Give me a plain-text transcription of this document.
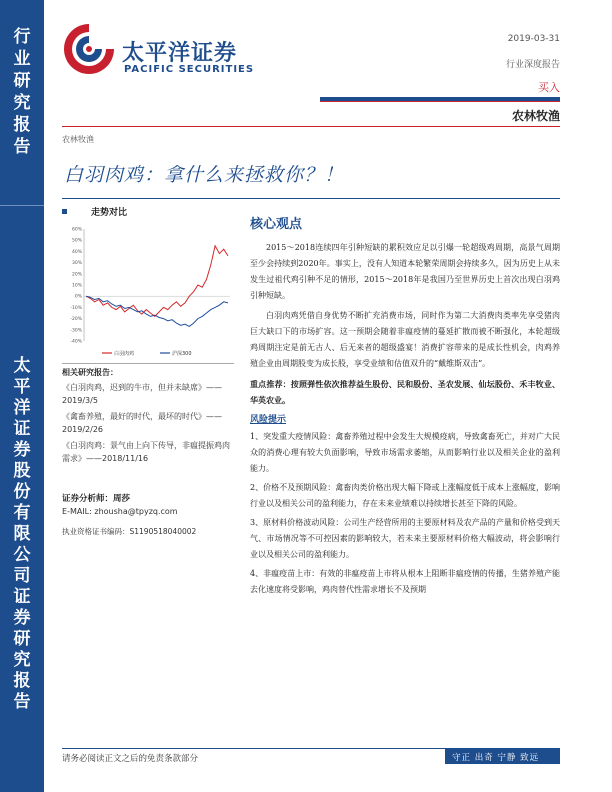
行业研究报告
太平洋证券股份有限公司证券研究报告
太平洋证券
PACIFIC SECURITIES
2019-03-31
行业深度报告
买入
农林牧渔
农林牧渔
白羽肉鸡：拿什么来拯救你？！
走势对比
60%
50%
40%
30%
20%
10%
0%
-10%
-20%
-30%
-40%
白羽肉鸡	沪深300
相关研究报告：
《白羽肉鸡，迟到的牛市，但并未缺席》——2019/3/5
《禽畜养殖，最好的时代，最坏的时代》——2019/2/26
《白羽肉鸡：景气由上向下传导，非瘟提振鸡肉需求》——2018/11/16
证券分析师：周莎
E-MAIL: zhousha@tpyzq.com
执业资格证书编码：S1190518040002
核心观点

2015～2018连续四年引种短缺的累积效应足以引爆一轮超级鸡周期，高景气周期至少会持续到2020年。事实上，没有人知道本轮繁荣周期会持续多久，因为历史上从未发生过祖代鸡引种不足的情形，2015～2018年是我国乃至世界历史上首次出现白羽鸡引种短缺。

白羽肉鸡凭借自身优势不断扩充消费市场，同时作为第二大消费肉类率先享受猪肉巨大缺口下的市场扩容。这一预期会随着非瘟疫情的蔓延扩散而被不断强化，本轮超级鸡周期注定是前无古人、后无来者的超级盛宴！消费扩容带来的是成长性机会，肉鸡养殖企业由周期股变为成长股，享受业绩和估值双升的“戴维斯双击”。

重点推荐：按照弹性依次推荐益生股份、民和股份、圣农发展、仙坛股份、禾丰牧业、华英农业。

风险提示

1、突发重大疫情风险：禽畜养殖过程中会发生大规模疫病，导致禽畜死亡，并对广大民众的消费心理有较大负面影响，导致市场需求萎缩，从而影响行业以及相关企业的盈利能力。

2、价格不及预期风险：禽畜肉类价格出现大幅下降或上涨幅度低于成本上涨幅度，影响行业以及相关公司的盈利能力，存在未来业绩难以持续增长甚至下降的风险。

3、原材料价格波动风险：公司生产经营所用的主要原材料及农产品的产量和价格受到天气、市场情况等不可控因素的影响较大，若未来主要原材料价格大幅波动，将会影响行业以及相关公司的盈利能力。

4、非瘟疫苗上市：有效的非瘟疫苗上市将从根本上阻断非瘟疫情的传播，生猪养殖产能去化速度将受影响，鸡肉替代性需求增长不及预期

请务必阅读正文之后的免责条款部分	守正 出奇 宁静 致远
